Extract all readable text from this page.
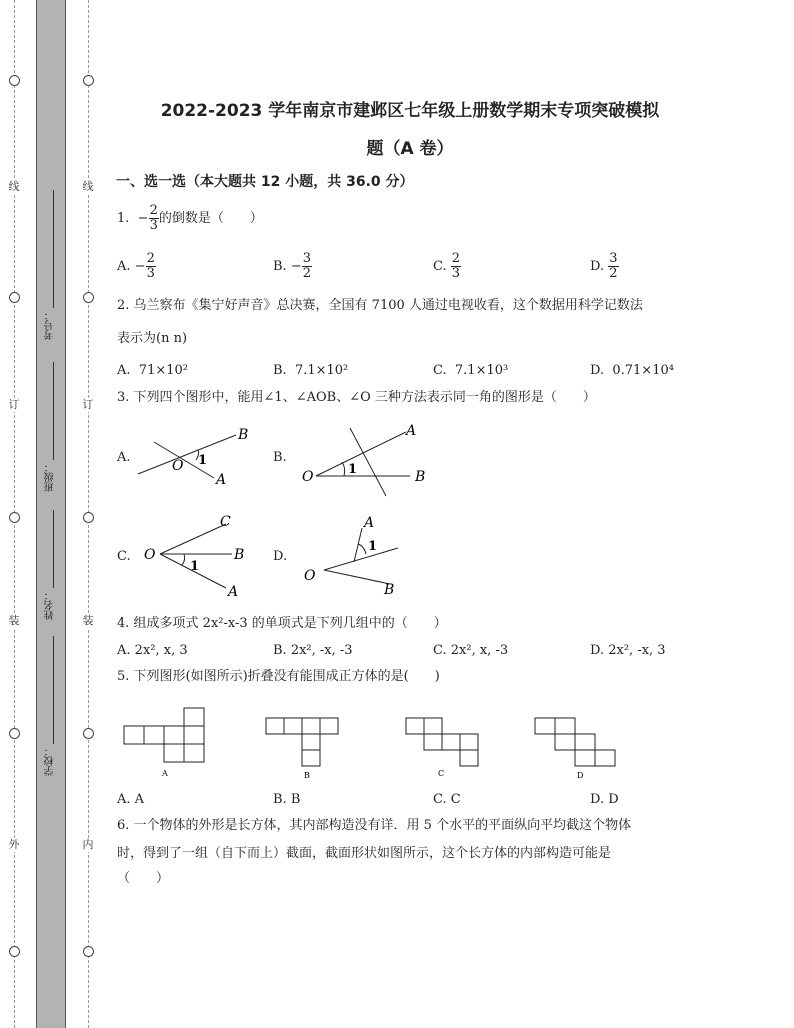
线
订
装
外
线
订
装
内
考号：
班级：
姓名：
学校：
2022-2023 学年南京市建邺区七年级上册数学期末专项突破模拟
题（A 卷）
一、选一选（本大题共 12 小题，共 36.0 分）
1. − $\frac{2}{3}$ 的倒数是（　　）
A. − $\frac{2}{3}$	B. − $\frac{3}{2}$	C. $\frac{2}{3}$	D. $\frac{3}{2}$
2. 乌兰察布《集宁好声音》总决赛，全国有 7100 人通过电视收看，这个数据用科学记数法
表示为(n n)
A. 71×10²	B. 7.1×10²	C. 7.1×10³	D. 0.71×10⁴
3. 下列四个图形中，能用∠1、∠AOB、∠O 三种方法表示同一角的图形是（　　）
A.
B
A
O 1	B.
A
B
O	1
C.
C
B
A
O
1
D.
A
B
O
1
4. 组成多项式 2x²-x-3 的单项式是下列几组中的（　　）
A. 2x², x, 3	B. 2x², -x, -3	C. 2x², x, -3	D. 2x², -x, 3
5. 下列图形(如图所示)折叠没有能围成正方体的是(　　)
A	B	C	D
A. A	B. B	C. C	D. D
6. 一个物体的外形是长方体，其内部构造没有详．用 5 个水平的平面纵向平均截这个物体
时，得到了一组（自下而上）截面，截面形状如图所示，这个长方体的内部构造可能是
（　　）
